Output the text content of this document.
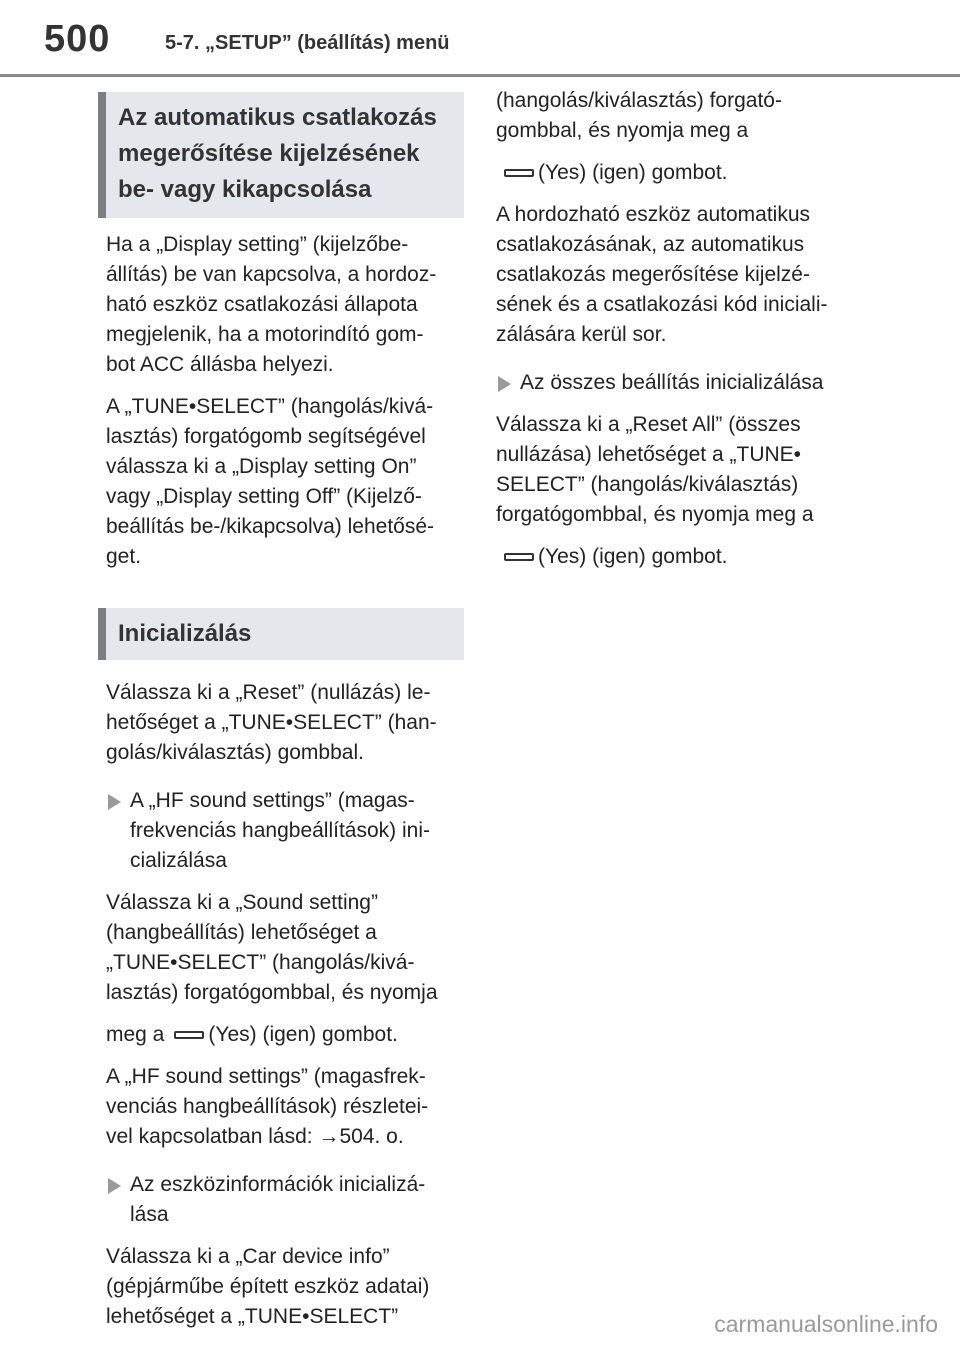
500	5-7. „SETUP” (beállítás) menü
Az automatikus csatlakozás
megerősítése kijelzésének
be- vagy kikapcsolása

Ha a „Display setting” (kijelzőbe-
állítás) be van kapcsolva, a hordoz-
ható eszköz csatlakozási állapota
megjelenik, ha a motorindító gom-
bot ACC állásba helyezi.

A „TUNE•SELECT” (hangolás/kivá-
lasztás) forgatógomb segítségével
válassza ki a „Display setting On”
vagy „Display setting Off” (Kijelző-
beállítás be-/kikapcsolva) lehetősé-
get.

Inicializálás

Válassza ki a „Reset” (nullázás) le-
hetőséget a „TUNE•SELECT” (han-
golás/kiválasztás) gombbal.

A „HF sound settings” (magas-
frekvenciás hangbeállítások) ini-
cializálása

Válassza ki a „Sound setting”
(hangbeállítás) lehetőséget a
„TUNE•SELECT” (hangolás/kivá-
lasztás) forgatógombbal, és nyomja

meg a (Yes) (igen) gombot.

A „HF sound settings” (magasfrek-
venciás hangbeállítások) részletei-
vel kapcsolatban lásd: →504. o.

Az eszközinformációk inicializá-
lása

Válassza ki a „Car device info”
(gépjárműbe épített eszköz adatai)
lehetőséget a „TUNE•SELECT”

(hangolás/kiválasztás) forgató-
gombbal, és nyomja meg a

(Yes) (igen) gombot.

A hordozható eszköz automatikus
csatlakozásának, az automatikus
csatlakozás megerősítése kijelzé-
sének és a csatlakozási kód iniciali-
zálására kerül sor.

Az összes beállítás inicializálása

Válassza ki a „Reset All” (összes
nullázása) lehetőséget a „TUNE•
SELECT” (hangolás/kiválasztás)
forgatógombbal, és nyomja meg a

(Yes) (igen) gombot.

carmanualsonline.info
